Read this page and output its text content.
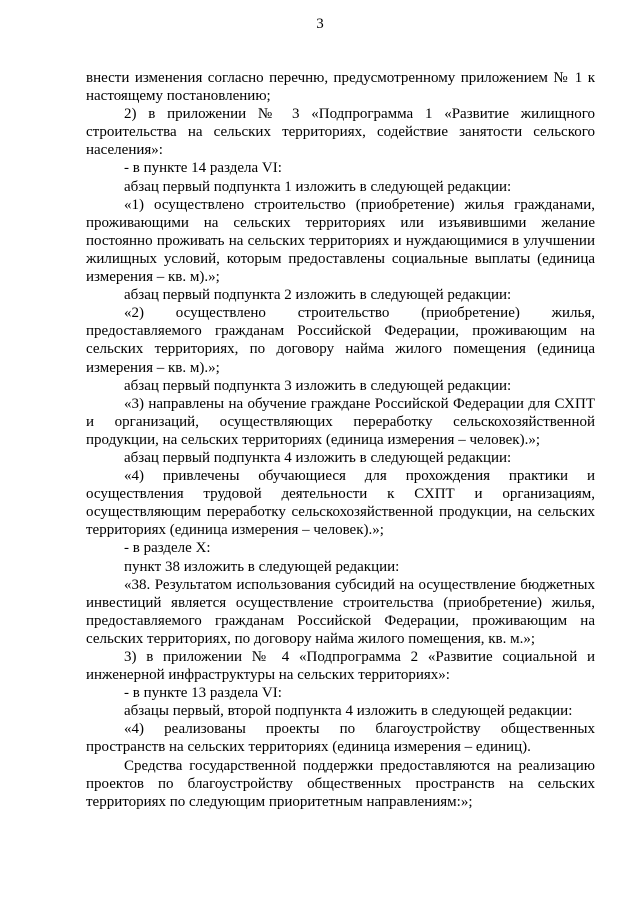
3

внести изменения согласно перечню, предусмотренному приложением № 1 к настоящему постановлению;

2) в приложении № 3 «Подпрограмма 1 «Развитие жилищного строительства на сельских территориях, содействие занятости сельского населения»:

- в пункте 14 раздела VI:

абзац первый подпункта 1 изложить в следующей редакции:

«1) осуществлено строительство (приобретение) жилья гражданами, проживающими на сельских территориях или изъявившими желание постоянно проживать на сельских территориях и нуждающимися в улучшении жилищных условий, которым предоставлены социальные выплаты (единица измерения – кв. м).»;

абзац первый подпункта 2 изложить в следующей редакции:

«2) осуществлено строительство (приобретение) жилья, предоставляемого гражданам Российской Федерации, проживающим на сельских территориях, по договору найма жилого помещения (единица измерения – кв. м).»;

абзац первый подпункта 3 изложить в следующей редакции:

«3) направлены на обучение граждане Российской Федерации для СХПТ и организаций, осуществляющих переработку сельскохозяйственной продукции, на сельских территориях (единица измерения – человек).»;

абзац первый подпункта 4 изложить в следующей редакции:

«4) привлечены обучающиеся для прохождения практики и осуществления трудовой деятельности к СХПТ и организациям, осуществляющим переработку сельскохозяйственной продукции, на сельских территориях (единица измерения – человек).»;

- в разделе X:

пункт 38 изложить в следующей редакции:

«38. Результатом использования субсидий на осуществление бюджетных инвестиций является осуществление строительства (приобретение) жилья, предоставляемого гражданам Российской Федерации, проживающим на сельских территориях, по договору найма жилого помещения, кв. м.»;

3) в приложении № 4 «Подпрограмма 2 «Развитие социальной и инженерной инфраструктуры на сельских территориях»:

- в пункте 13 раздела VI:

абзацы первый, второй подпункта 4 изложить в следующей редакции:

«4) реализованы проекты по благоустройству общественных пространств на сельских территориях (единица измерения – единиц).

Средства государственной поддержки предоставляются на реализацию проектов по благоустройству общественных пространств на сельских территориях по следующим приоритетным направлениям:»;
